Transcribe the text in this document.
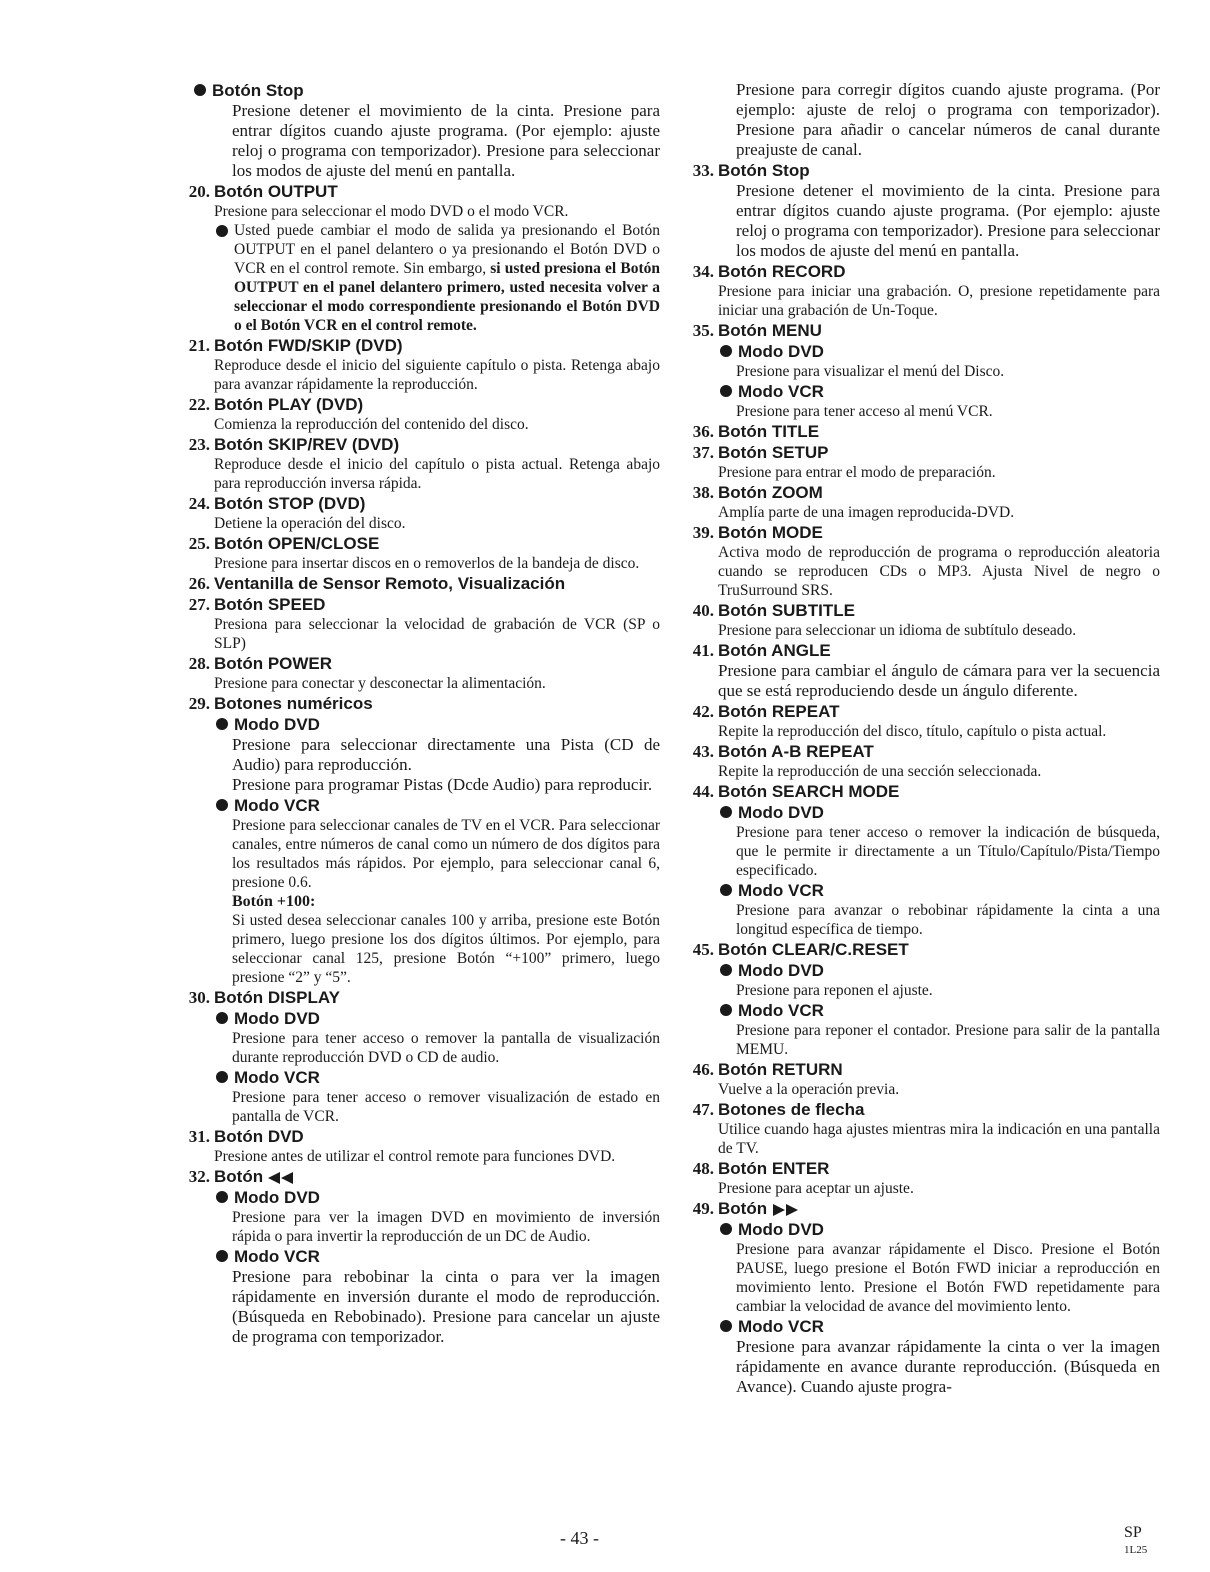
Botón Stop

Presione detener el movimiento de la cinta. Presione para entrar dígitos cuando ajuste programa. (Por ejemplo: ajuste reloj o programa con temporizador). Presione para seleccionar los modos de ajuste del menú en pantalla.

20. Botón OUTPUT

Presione para seleccionar el modo DVD o el modo VCR.

Usted puede cambiar el modo de salida ya presionando el Botón OUTPUT en el panel delantero o ya presionando el Botón DVD o VCR en el control remote. Sin embargo, si usted presiona el Botón OUTPUT en el panel delantero primero, usted necesita volver a seleccionar el modo correspondiente presionando el Botón DVD o el Botón VCR en el control remote.
21. Botón FWD/SKIP (DVD)

Reproduce desde el inicio del siguiente capítulo o pista. Retenga abajo para avanzar rápidamente la reproducción.

22. Botón PLAY (DVD)

Comienza la reproducción del contenido del disco.

23. Botón SKIP/REV (DVD)

Reproduce desde el inicio del capítulo o pista actual. Retenga abajo para reproducción inversa rápida.

24. Botón STOP (DVD)

Detiene la operación del disco.

25. Botón OPEN/CLOSE

Presione para insertar discos en o removerlos de la bandeja de disco.

26. Ventanilla de Sensor Remoto, Visualización

27. Botón SPEED

Presiona para seleccionar la velocidad de grabación de VCR (SP o SLP)

28. Botón POWER

Presione para conectar y desconectar la alimentación.

29. Botones numéricos

Modo DVD

Presione para seleccionar directamente una Pista (CD de Audio) para reproducción.

Presione para programar Pistas (Dcde Audio) para reproducir.

Modo VCR

Presione para seleccionar canales de TV en el VCR. Para seleccionar canales, entre números de canal como un número de dos dígitos para los resultados más rápidos. Por ejemplo, para seleccionar canal 6, presione 0.6.

Botón +100:

Si usted desea seleccionar canales 100 y arriba, presione este Botón primero, luego presione los dos dígitos últimos. Por ejemplo, para seleccionar canal 125, presione Botón “+100” primero, luego presione “2” y “5”.

30. Botón DISPLAY

Modo DVD

Presione para tener acceso o remover la pantalla de visualización durante reproducción DVD o CD de audio.

Modo VCR

Presione para tener acceso o remover visualización de estado en pantalla de VCR.

31. Botón DVD

Presione antes de utilizar el control remote para funciones DVD.

32. Botón

Modo DVD

Presione para ver la imagen DVD en movimiento de inversión rápida o para invertir la reproducción de un DC de Audio.

Modo VCR

Presione para rebobinar la cinta o para ver la imagen rápidamente en inversión durante el modo de reproducción.(Búsqueda en Rebobinado). Presione para cancelar un ajuste de programa con temporizador.

Presione para corregir dígitos cuando ajuste programa. (Por ejemplo: ajuste de reloj o programa con temporizador). Presione para añadir o cancelar números de canal durante preajuste de canal.

33. Botón Stop

Presione detener el movimiento de la cinta. Presione para entrar dígitos cuando ajuste programa. (Por ejemplo: ajuste reloj o programa con temporizador). Presione para seleccionar los modos de ajuste del menú en pantalla.

34. Botón RECORD

Presione para iniciar una grabación. O, presione repetidamente para iniciar una grabación de Un-Toque.

35. Botón MENU

Modo DVD

Presione para visualizar el menú del Disco.

Modo VCR

Presione para tener acceso al menú VCR.

36. Botón TITLE

37. Botón SETUP

Presione para entrar el modo de preparación.

38. Botón ZOOM

Amplía parte de una imagen reproducida-DVD.

39. Botón MODE

Activa modo de reproducción de programa o reproducción aleatoria cuando se reproducen CDs o MP3. Ajusta Nivel de negro o TruSurround SRS.

40. Botón SUBTITLE

Presione para seleccionar un idioma de subtítulo deseado.

41. Botón ANGLE

Presione para cambiar el ángulo de cámara para ver la secuencia que se está reproduciendo desde un ángulo diferente.

42. Botón REPEAT

Repite la reproducción del disco, título, capítulo o pista actual.

43. Botón A-B REPEAT

Repite la reproducción de una sección seleccionada.

44. Botón SEARCH MODE

Modo DVD

Presione para tener acceso o remover la indicación de búsqueda, que le permite ir directamente a un Título/Capítulo/Pista/Tiempo especificado.

Modo VCR

Presione para avanzar o rebobinar rápidamente la cinta a una longitud específica de tiempo.

45. Botón CLEAR/C.RESET

Modo DVD

Presione para reponen el ajuste.

Modo VCR

Presione para reponer el contador. Presione para salir de la pantalla MEMU.

46. Botón RETURN

Vuelve a la operación previa.

47. Botones de flecha

Utilice cuando haga ajustes mientras mira la indicación en una pantalla de TV.

48. Botón ENTER

Presione para aceptar un ajuste.

49. Botón

Modo DVD

Presione para avanzar rápidamente el Disco. Presione el Botón PAUSE, luego presione el Botón FWD iniciar a reproducción en movimiento lento. Presione el Botón FWD repetidamente para cambiar la velocidad de avance del movimiento lento.

Modo VCR

Presione para avanzar rápidamente la cinta o ver la imagen rápidamente en avance durante reproducción. (Búsqueda en Avance). Cuando ajuste progra-

- 43 -	SP
1L25
